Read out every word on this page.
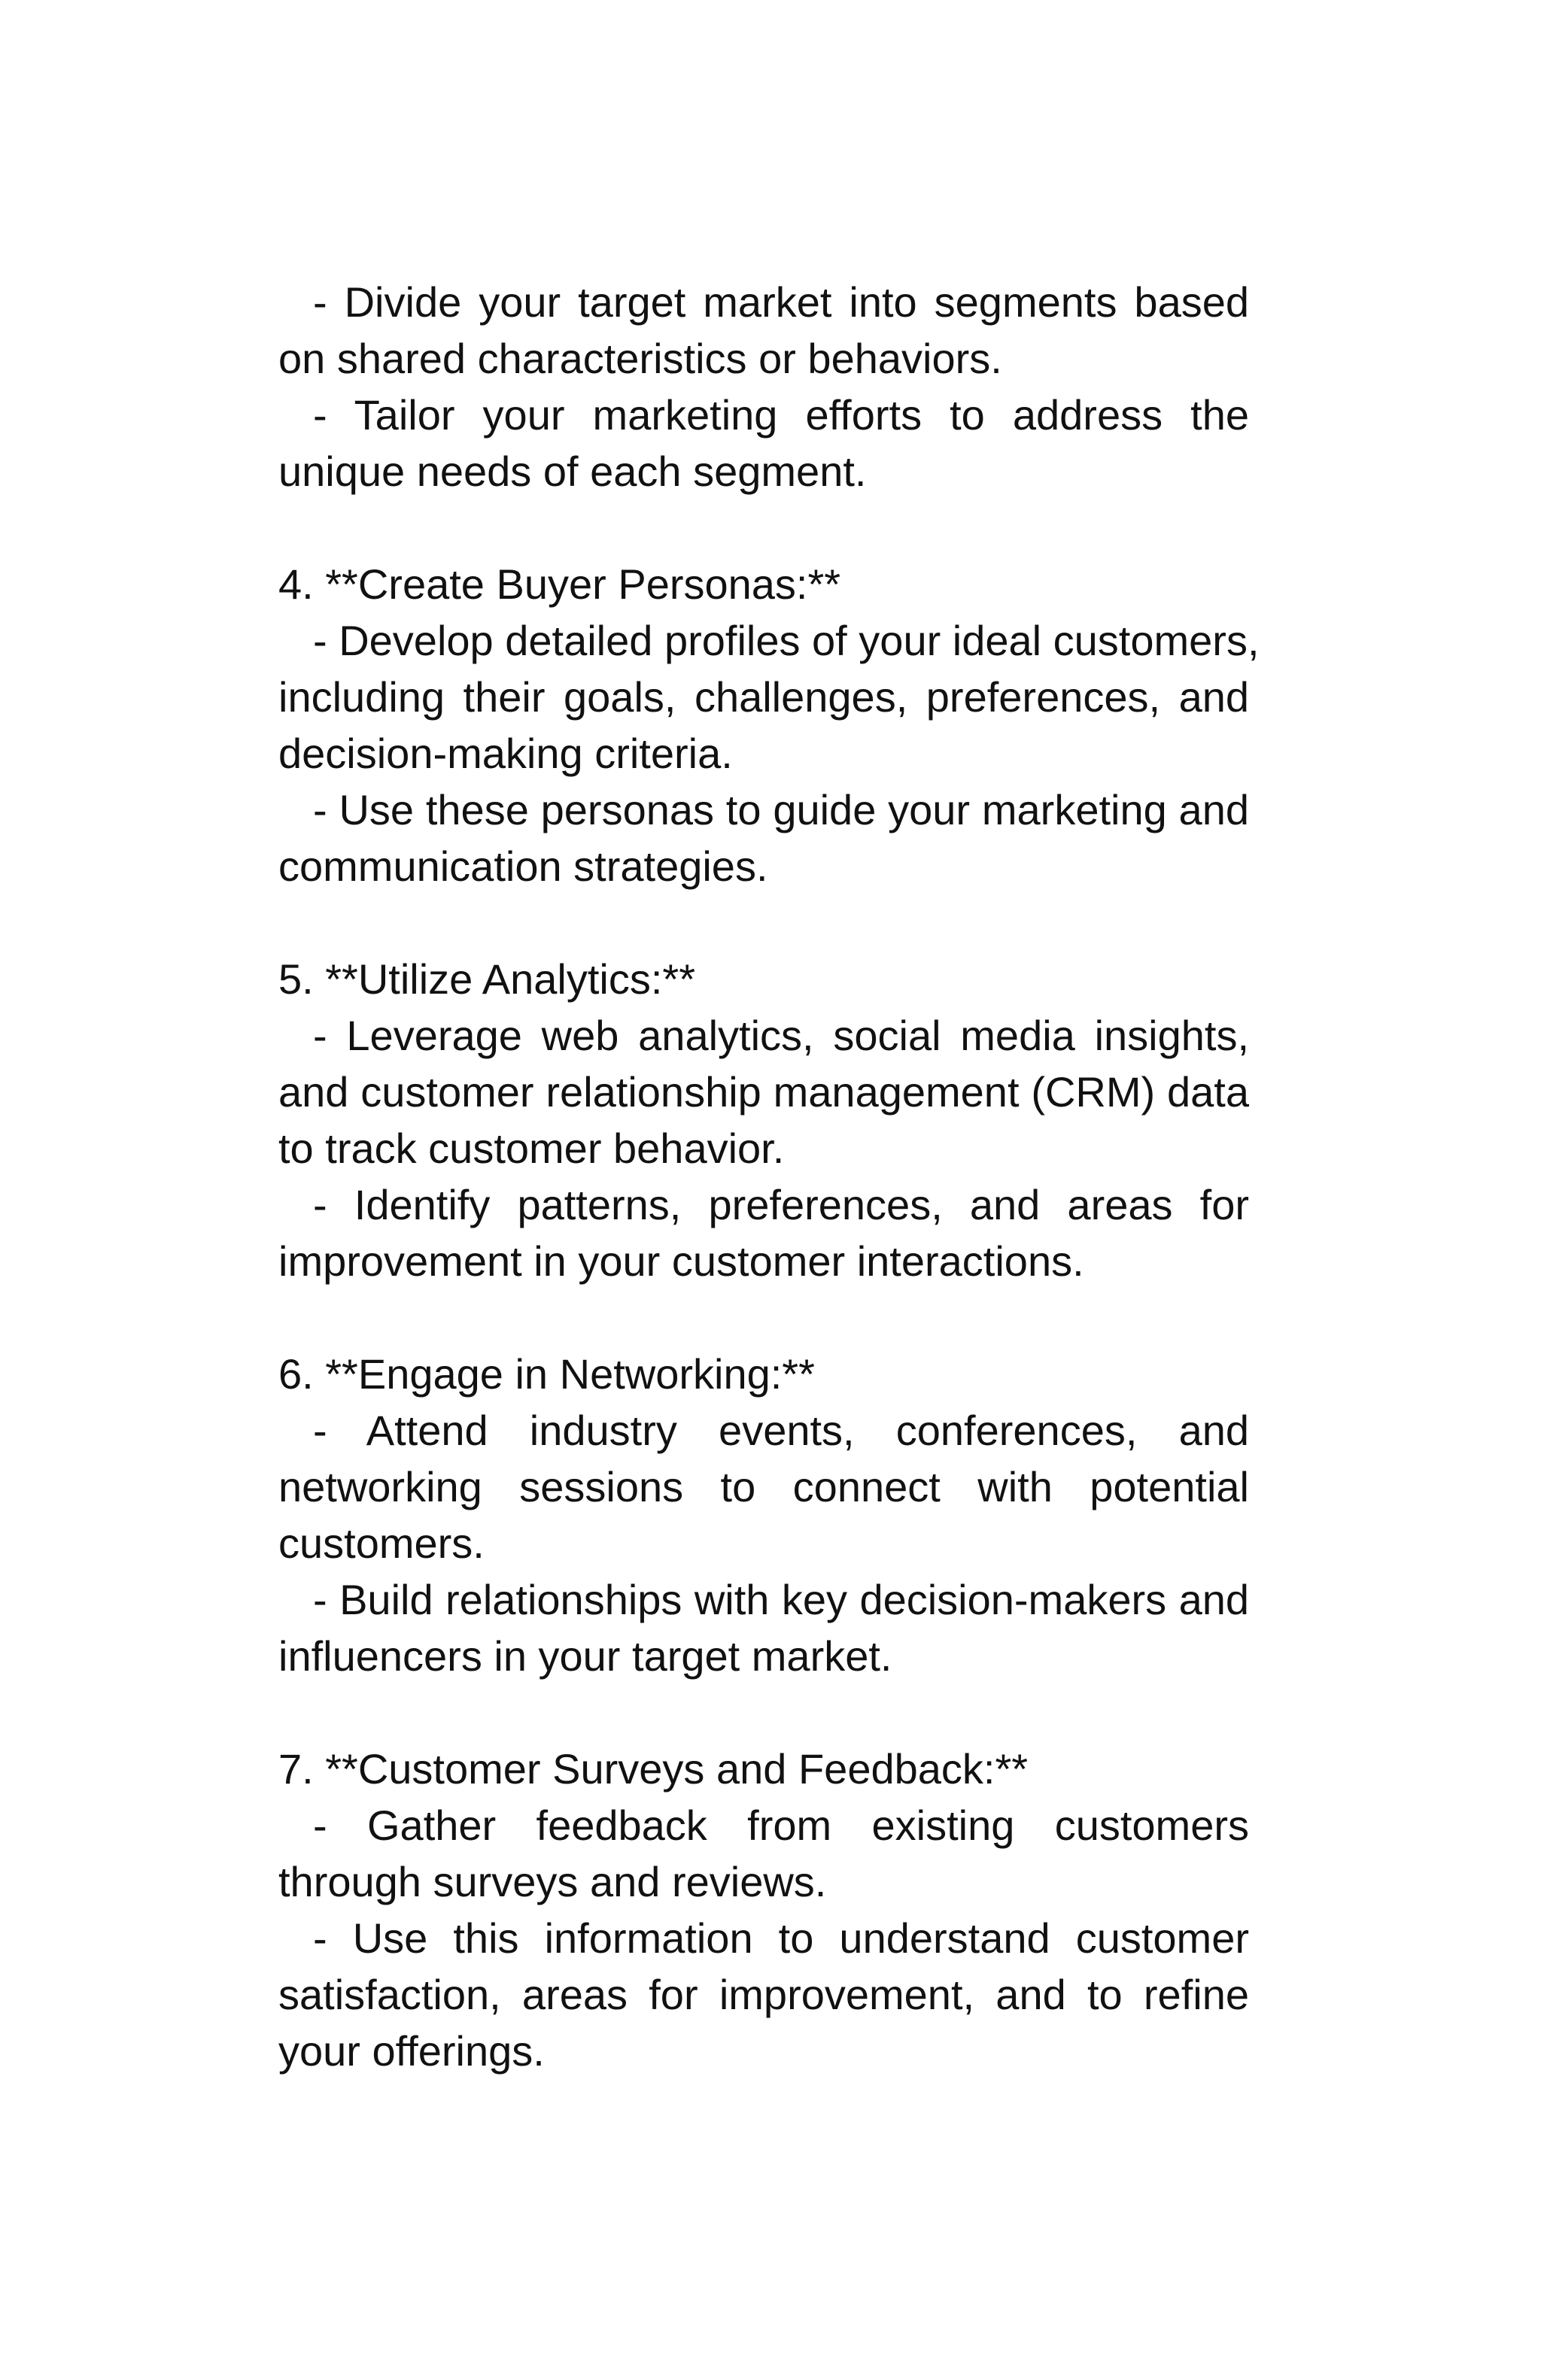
- Divide your target market into segments based
on shared characteristics or behaviors.
- Tailor your marketing efforts to address the
unique needs of each segment.
4. **Create Buyer Personas:**
- Develop detailed profiles of your ideal customers,
including their goals, challenges, preferences, and
decision-making criteria.
- Use these personas to guide your marketing and
communication strategies.
5. **Utilize Analytics:**
- Leverage web analytics, social media insights,
and customer relationship management (CRM) data
to track customer behavior.
- Identify patterns, preferences, and areas for
improvement in your customer interactions.
6. **Engage in Networking:**
- Attend industry events, conferences, and
networking sessions to connect with potential
customers.
- Build relationships with key decision-makers and
influencers in your target market.
7. **Customer Surveys and Feedback:**
- Gather feedback from existing customers
through surveys and reviews.
- Use this information to understand customer
satisfaction, areas for improvement, and to refine
your offerings.
